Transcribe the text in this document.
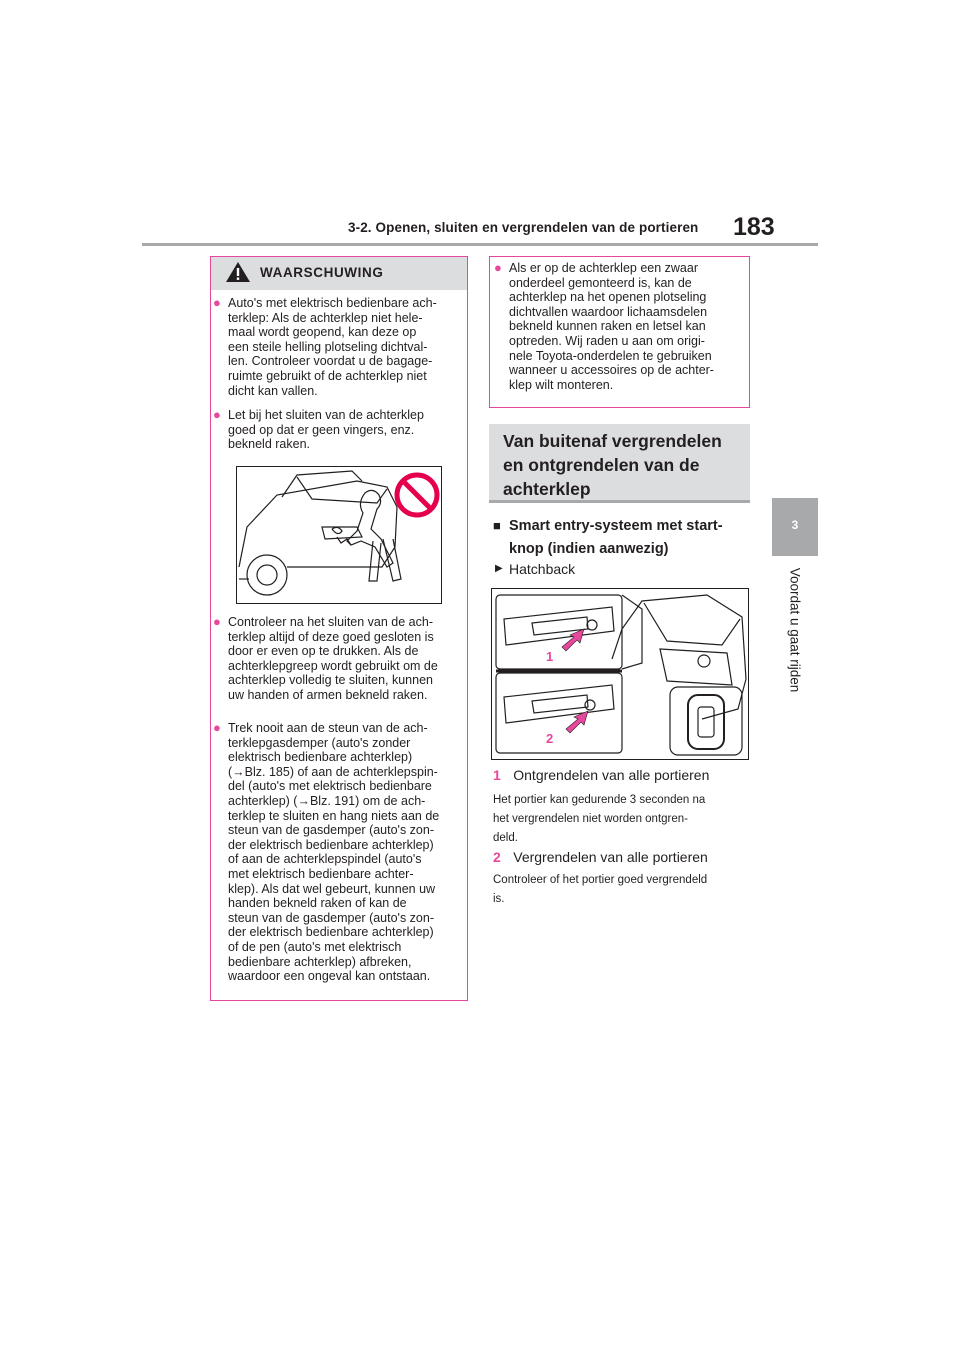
3-2. Openen, sluiten en vergrendelen van de portieren 183
3
Voordat u gaat rijden
WAARSCHUWING
● Auto's met elektrisch bedienbare ach-
terklep: Als de achterklep niet hele-
maal wordt geopend, kan deze op
een steile helling plotseling dichtval-
len. Controleer voordat u de bagage-
ruimte gebruikt of de achterklep niet
dicht kan vallen.
● Let bij het sluiten van de achterklep
goed op dat er geen vingers, enz.
bekneld raken.
● Controleer na het sluiten van de ach-
terklep altijd of deze goed gesloten is
door er even op te drukken. Als de
achterklepgreep wordt gebruikt om de
achterklep volledig te sluiten, kunnen
uw handen of armen bekneld raken.
● Trek nooit aan de steun van de ach-
terklepgasdemper (auto's zonder
elektrisch bedienbare achterklep)
(→Blz. 185) of aan de achterklepspin-
del (auto's met elektrisch bedienbare
achterklep) (→Blz. 191) om de ach-
terklep te sluiten en hang niets aan de
steun van de gasdemper (auto's zon-
der elektrisch bedienbare achterklep)
of aan de achterklepspindel (auto's
met elektrisch bedienbare achter-
klep). Als dat wel gebeurt, kunnen uw
handen bekneld raken of kan de
steun van de gasdemper (auto's zon-
der elektrisch bedienbare achterklep)
of de pen (auto's met elektrisch
bedienbare achterklep) afbreken,
waardoor een ongeval kan ontstaan.
● Als er op de achterklep een zwaar
onderdeel gemonteerd is, kan de
achterklep na het openen plotseling
dichtvallen waardoor lichaamsdelen
bekneld kunnen raken en letsel kan
optreden. Wij raden u aan om origi-
nele Toyota-onderdelen te gebruiken
wanneer u accessoires op de achter-
klep wilt monteren.
Van buitenaf vergrendelen
en ontgrendelen van de
achterklep
■ Smart entry-systeem met start-
knop (indien aanwezig)
▶ Hatchback
1
2
1 Ontgrendelen van alle portieren
Het portier kan gedurende 3 seconden na
het vergrendelen niet worden ontgren-
deld.
2 Vergrendelen van alle portieren
Controleer of het portier goed vergrendeld
is.
